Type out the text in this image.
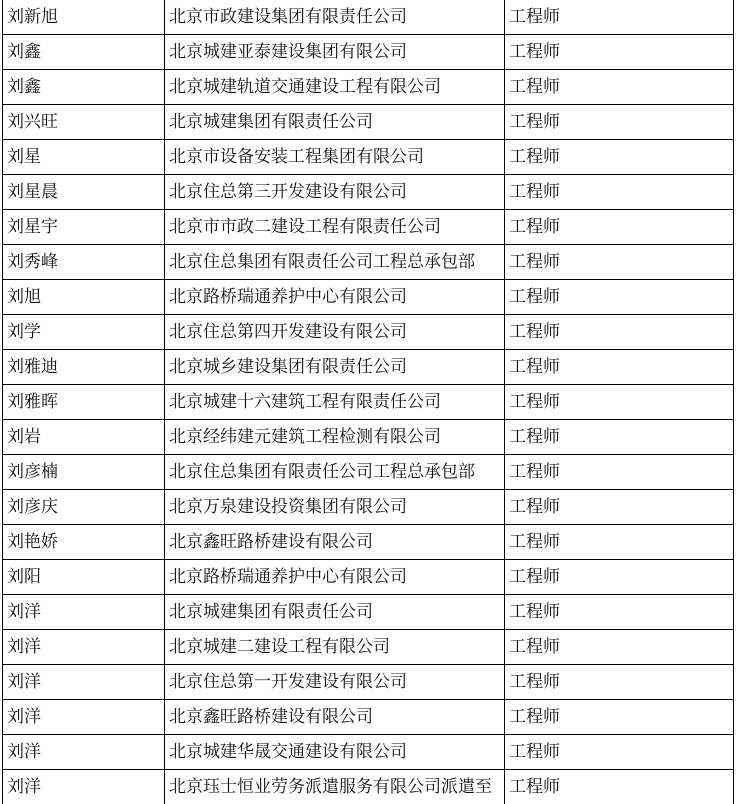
刘新旭	北京市政建设集团有限责任公司	工程师
刘鑫	北京城建亚泰建设集团有限公司	工程师
刘鑫	北京城建轨道交通建设工程有限公司	工程师
刘兴旺	北京城建集团有限责任公司	工程师
刘星	北京市设备安装工程集团有限公司	工程师
刘星晨	北京住总第三开发建设有限公司	工程师
刘星宇	北京市市政二建设工程有限责任公司	工程师
刘秀峰	北京住总集团有限责任公司工程总承包部	工程师
刘旭	北京路桥瑞通养护中心有限公司	工程师
刘学	北京住总第四开发建设有限公司	工程师
刘雅迪	北京城乡建设集团有限责任公司	工程师
刘雅晖	北京城建十六建筑工程有限责任公司	工程师
刘岩	北京经纬建元建筑工程检测有限公司	工程师
刘彦楠	北京住总集团有限责任公司工程总承包部	工程师
刘彦庆	北京万泉建设投资集团有限公司	工程师
刘艳娇	北京鑫旺路桥建设有限公司	工程师
刘阳	北京路桥瑞通养护中心有限公司	工程师
刘洋	北京城建集团有限责任公司	工程师
刘洋	北京城建二建设工程有限公司	工程师
刘洋	北京住总第一开发建设有限公司	工程师
刘洋	北京鑫旺路桥建设有限公司	工程师
刘洋	北京城建华晟交通建设有限公司	工程师
刘洋	北京珏士恒业劳务派遣服务有限公司派遣至	工程师
